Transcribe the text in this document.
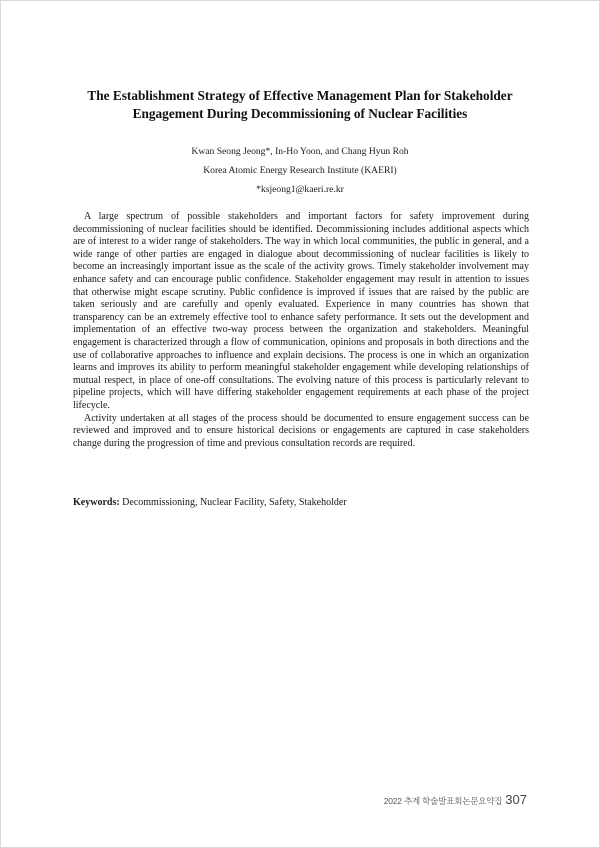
The Establishment Strategy of Effective Management Plan for Stakeholder
Engagement During Decommissioning of Nuclear Facilities
Kwan Seong Jeong*, In-Ho Yoon, and Chang Hyun Roh
Korea Atomic Energy Research Institute (KAERI)
*ksjeong1@kaeri.re.kr

A large spectrum of possible stakeholders and important factors for safety improvement during decommissioning of nuclear facilities should be identified. Decommissioning includes additional aspects which are of interest to a wider range of stakeholders. The way in which local communities, the public in general, and a wide range of other parties are engaged in dialogue about decommissioning of nuclear facilities is likely to become an increasingly important issue as the scale of the activity grows. Timely stakeholder involvement may enhance safety and can encourage public confidence. Stakeholder engagement may result in attention to issues that otherwise might escape scrutiny. Public confidence is improved if issues that are raised by the public are taken seriously and are carefully and openly evaluated. Experience in many countries has shown that transparency can be an extremely effective tool to enhance safety performance. It sets out the development and implementation of an effective two-way process between the organization and stakeholders. Meaningful engagement is characterized through a flow of communication, opinions and proposals in both directions and the use of collaborative approaches to influence and explain decisions. The process is one in which an organization learns and improves its ability to perform meaningful stakeholder engagement while developing relationships of mutual respect, in place of one-off consultations. The evolving nature of this process is particularly relevant to pipeline projects, which will have differing stakeholder engagement requirements at each phase of the project lifecycle.

Activity undertaken at all stages of the process should be documented to ensure engagement success can be reviewed and improved and to ensure historical decisions or engagements are captured in case stakeholders change during the progression of time and previous consultation records are required.

Keywords: Decommissioning, Nuclear Facility, Safety, Stakeholder
2022 추계 학술발표회논문요약집 307
